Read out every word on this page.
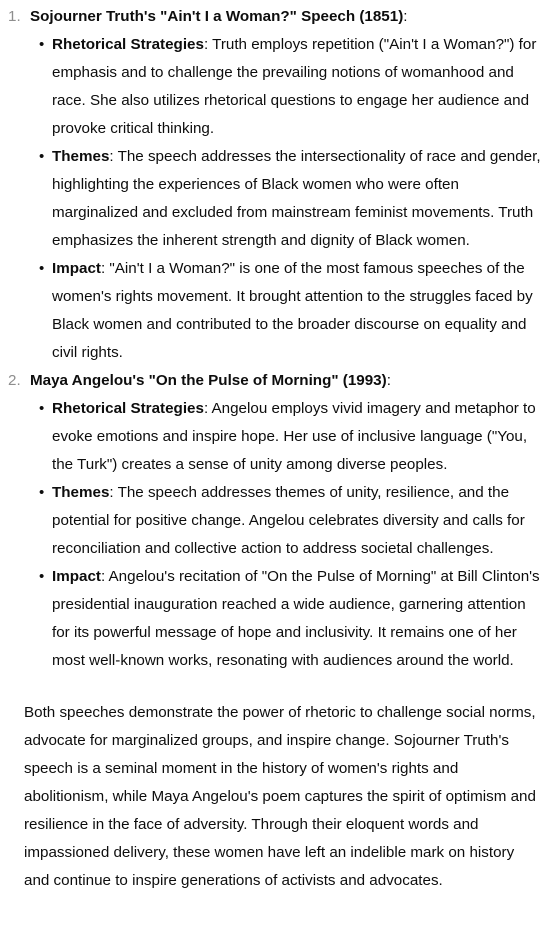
1. Sojourner Truth's "Ain't I a Woman?" Speech (1851):
• Rhetorical Strategies: Truth employs repetition ("Ain't I a Woman?") for emphasis and to challenge the prevailing notions of womanhood and race. She also utilizes rhetorical questions to engage her audience and provoke critical thinking.
• Themes: The speech addresses the intersectionality of race and gender, highlighting the experiences of Black women who were often marginalized and excluded from mainstream feminist movements. Truth emphasizes the inherent strength and dignity of Black women.
• Impact: "Ain't I a Woman?" is one of the most famous speeches of the women's rights movement. It brought attention to the struggles faced by Black women and contributed to the broader discourse on equality and civil rights.
2. Maya Angelou's "On the Pulse of Morning" (1993):
• Rhetorical Strategies: Angelou employs vivid imagery and metaphor to evoke emotions and inspire hope. Her use of inclusive language ("You, the Turk") creates a sense of unity among diverse peoples.
• Themes: The speech addresses themes of unity, resilience, and the potential for positive change. Angelou celebrates diversity and calls for reconciliation and collective action to address societal challenges.
• Impact: Angelou's recitation of "On the Pulse of Morning" at Bill Clinton's presidential inauguration reached a wide audience, garnering attention for its powerful message of hope and inclusivity. It remains one of her most well-known works, resonating with audiences around the world.

Both speeches demonstrate the power of rhetoric to challenge social norms, advocate for marginalized groups, and inspire change. Sojourner Truth's speech is a seminal moment in the history of women's rights and abolitionism, while Maya Angelou's poem captures the spirit of optimism and resilience in the face of adversity. Through their eloquent words and impassioned delivery, these women have left an indelible mark on history and continue to inspire generations of activists and advocates.
